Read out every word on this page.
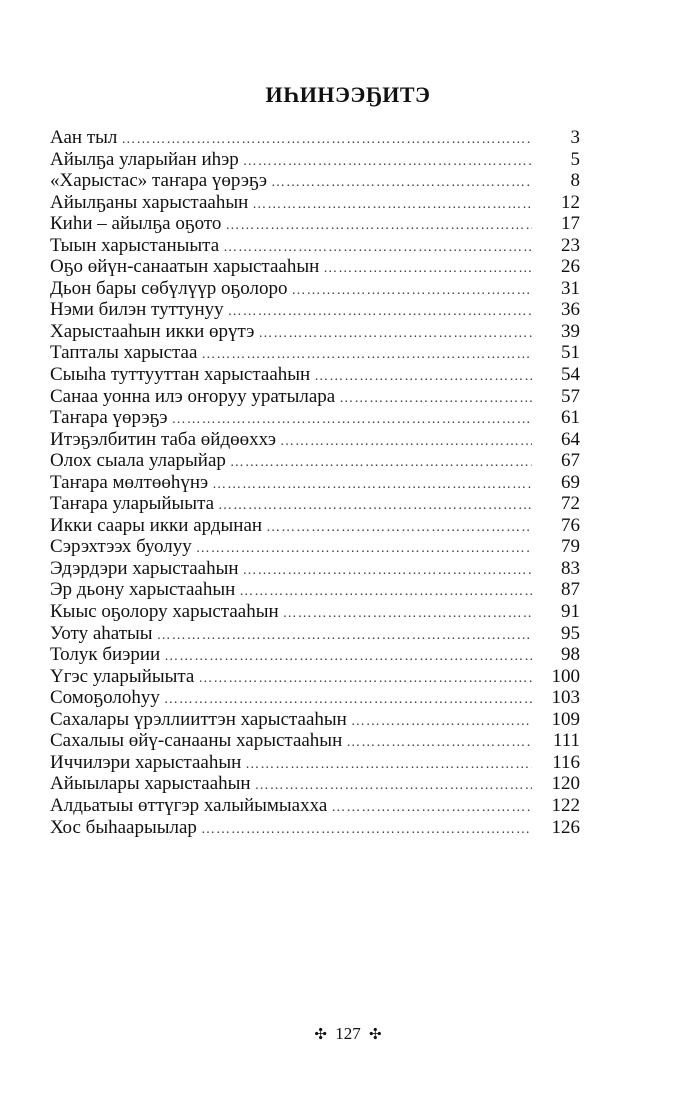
ИҺИНЭЭҔИТЭ
Аан тыл …………………………………………………………………………………………………………………………………………	3
Айылҕа уларыйан иһэр …………………………………………………………………………………………………………………………………………	5
«Харыстас» таҥара үөрэҕэ …………………………………………………………………………………………………………………………………………	8
Айылҕаны харыстааһын …………………………………………………………………………………………………………………………………………	12
Киһи – айылҕа оҕото …………………………………………………………………………………………………………………………………………	17
Тыын харыстаныыта …………………………………………………………………………………………………………………………………………	23
Оҕо өйүн-санаатын харыстааһын …………………………………………………………………………………………………………………………………………	26
Дьон бары сөбүлүүр оҕолоро …………………………………………………………………………………………………………………………………………	31
Нэми билэн туттунуу …………………………………………………………………………………………………………………………………………	36
Харыстааһын икки өрүтэ …………………………………………………………………………………………………………………………………………	39
Тапталы харыстаа …………………………………………………………………………………………………………………………………………	51
Сыыһа туттууттан харыстааһын …………………………………………………………………………………………………………………………………………	54
Санаа уонна илэ оҥоруу уратылара …………………………………………………………………………………………………………………………………………	57
Таҥара үөрэҕэ …………………………………………………………………………………………………………………………………………	61
Итэҕэлбитин таба өйдөөххэ …………………………………………………………………………………………………………………………………………	64
Олох сыала уларыйар …………………………………………………………………………………………………………………………………………	67
Таҥара мөлтөөһүнэ …………………………………………………………………………………………………………………………………………	69
Таҥара уларыйыыта …………………………………………………………………………………………………………………………………………	72
Икки саары икки ардынан …………………………………………………………………………………………………………………………………………	76
Сэрэхтээх буолуу …………………………………………………………………………………………………………………………………………	79
Эдэрдэри харыстааһын …………………………………………………………………………………………………………………………………………	83
Эр дьону харыстааһын …………………………………………………………………………………………………………………………………………	87
Кыыс оҕолору харыстааһын …………………………………………………………………………………………………………………………………………	91
Уоту аһатыы …………………………………………………………………………………………………………………………………………	95
Толук биэрии …………………………………………………………………………………………………………………………………………	98
Үгэс уларыйыыта …………………………………………………………………………………………………………………………………………	100
Сомоҕолоһуу …………………………………………………………………………………………………………………………………………	103
Сахалары үрэллииттэн харыстааһын …………………………………………………………………………………………………………………………………………	109
Сахалыы өйү-санааны харыстааһын …………………………………………………………………………………………………………………………………………	111
Иччилэри харыстааһын …………………………………………………………………………………………………………………………………………	116
Айыылары харыстааһын …………………………………………………………………………………………………………………………………………	120
Алдьатыы өттүгэр халыйымыахха …………………………………………………………………………………………………………………………………………	122
Хос быһаарыылар …………………………………………………………………………………………………………………………………………	126
✣ 127 ✣
